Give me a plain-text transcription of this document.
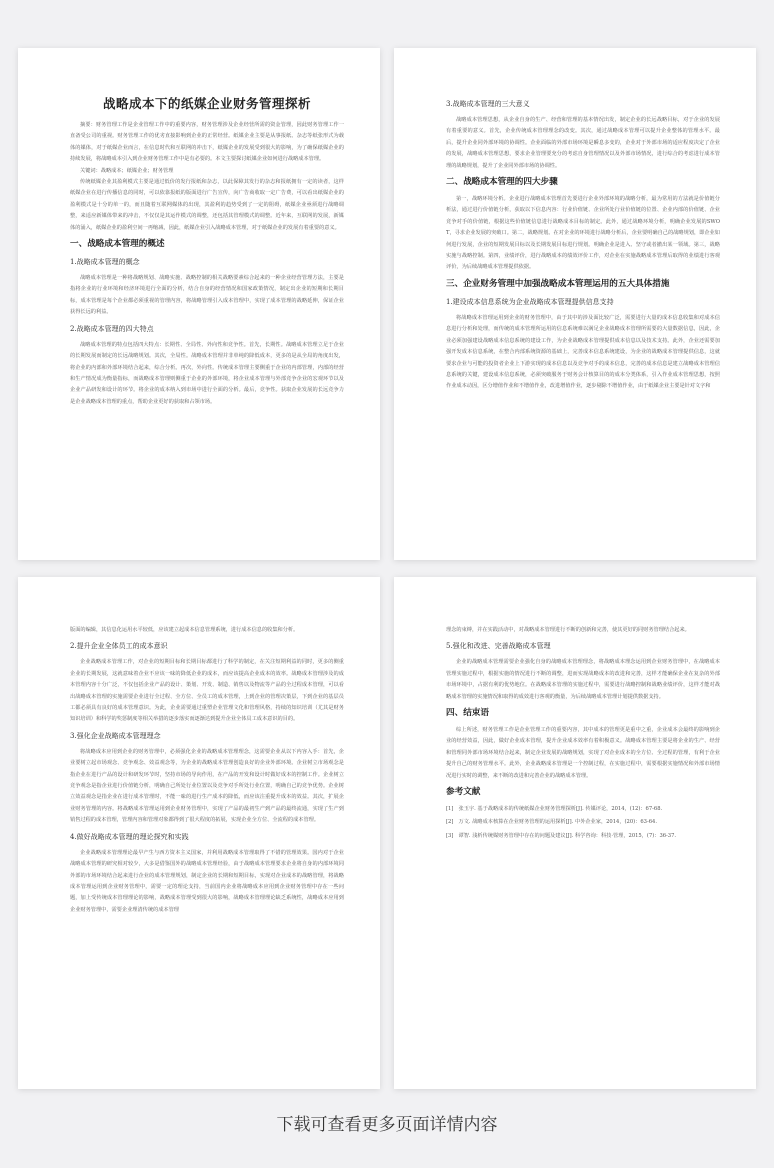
战略成本下的纸媒企业财务管理探析

摘要：财务管理工作是企业管理工作中的重要内容，财务管理涉及企业经营所需的资金管理，因此财务管理工作一直备受公司的重视。财务管理工作的优劣直接影响到企业的正常经营。纸媒企业主要是从事报纸、杂志等纸张形式为载体的媒体，对于纸媒企业而言，在信息时代和互联网的冲击下，纸媒企业的发展受到很大的影响，为了确保纸媒企业的持续发展，将战略成本引入到企业财务管理工作中是有必要的。本文主要探讨纸媒企业如何进行战略成本管理。

关键词：战略成本；纸媒企业；财务管理

传统纸媒企业其盈利模式主要是通过低价的发行报纸和杂志，以此保障其发行的杂志和报纸拥有一定的读者，这样纸媒企业在进行传播信息的同时，可以依靠报纸的版面进行广告宣传，向广告商收取一定广告费，可以看出纸媒企业的盈利模式是十分的单一的，而且随着互联网媒体的出现，其盈利的趋势受到了一定的阻碍，纸媒企业亟须进行战略调整，来适应新媒体带来的冲击，不仅仅是其运作模式的调整，还包括其管理模式的调整。近年来，互联网的发展，新媒体的涌入，纸媒企业的盈利空间一再缩减，因此，纸媒企业引入战略成本管理，对于纸媒企业的发展有着重要的意义。

一、战略成本管理的概述
1.战略成本管理的概念

战略成本管理是一种将战略规划、战略实施、战略控制的相关战略要素综合起来的一种企业经营管理方法，主要是指将企业的行业环境和经济环境进行全面的分析，结合自身的经营情况和国家政策情况，制定出企业的短期和长期目标，成本管理是每个企业都必须重视的管理内容，将战略管理引入成本管理中，实现了成本管理的战略延伸，保证企业获得长远的利益。

2.战略成本管理的四大特点

战略成本管理的特点包括四大特点：长期性、全局性、外向性和竞争性。首先，长期性。战略成本管理立足于企业的长期发展而制定的长远战略规划。其次，全局性。战略成本管理并非单纯的降低成本，更多的是从全局的角度出发，将企业的内部和外部环境结合起来，综合分析。再次，外向性。传统成本管理主要侧重于企业的内部管理，内部的经营和生产情况成为衡量指标，而战略成本管理则侧重于企业的外部环境，将企业成本管理与外部竞争企业的宏观环节以及企业产品研发和设计的环节。将企业的成本纳入到市场中进行全面的分析。最后，竞争性。获取企业发展的长远竞争力是企业战略成本管理的重点，帮助企业更好的获取和占领市场。

3.战略成本管理的三大意义

战略成本管理思想，从企业自身的生产、经营和管理的基本情况出发，制定企业的长远战略目标，对于企业的发展有着重要的意义。首先，企业传统成本管理理念的改变。其次，通过战略成本管理可以提升企业整体的管理水平。最后，提升企业同外部环境的协调性。企业面临的外部市场环境是瞬息多变的，企业对于外部市场的适应程度决定了企业的发展，战略成本管理思想，要求企业管理要充分的考虑自身管理情况以及外部市场情况，进行综合的考虑进行成本管理的战略规划，提升了企业同外部市场的协调性。

二、战略成本管理的四大步骤

第一，战略环境分析。企业进行战略成本管理首先要进行企业外部环境的战略分析，最为常用的方法就是价值链分析法，通过进行价值链分析，获取以下信息内容：行业价值链、企业所处行业价值链的位置、企业内部的价值链、企业竞争对手的价值链，根据这些价值链信息进行战略成本目标的制定。此外，通过战略环境分析，明确企业发展的SWOT，寻求企业发展的突破口。第二，战略规划。在对企业的环境进行战略分析后，企业要明确自己的战略规划，即企业如何进行发展，企业的短期发展目标以及长期发展目标进行规划。明确企业是进入、坚守或者撤出某一领域。第三，战略实施与战略控制。第四，业绩评价，进行战略成本的绩效评价工作，对企业在实施战略成本管理后取得的业绩进行客观评价，为后续战略成本管理提供依据。

三、企业财务管理中加强战略成本管理运用的五大具体措施
1.建设成本信息系统为企业战略成本管理提供信息支持

将战略成本管理运用到企业的财务管理中，由于其中的涉及面比较广泛，需要进行大量的成本信息收集和对成本信息进行分析和处理，而传统的成本管理所运用的信息系统难以满足企业战略成本管理所需要的大量数据信息，因此，企业必须加强建设战略成本信息系统的建设工作，为企业战略成本管理提供成本信息以及技术支持。此外，企业还需要加强开发成本信息系统，在整合内部系统资源的基础上，完善成本信息系统建设，为企业的战略成本管理提供信息，这就要求企业与可能的投资者企业上下游实现的成本信息以及竞争对手的成本信息，完善的成本信息是建立战略成本管理信息系统的关键，建设成本信息系统，必须突破服务于财务会计核算目的的成本分类体系，引入作业成本管理思想，按照作业成本动因，区分增值作业和不增值作业，改进增值作业，逐步剔除不增值作业，由于纸媒企业主要是针对文字和

版面的编辑，其信息化运用水平较低，应该建立起成本信息管理系统，进行成本信息的收集和分析。

2.提升企业全体员工的成本意识

企业战略成本管理工作，对企业的短期目标和长期目标都进行了科学的制定，在关注短期利益的同时，更多的侧重企业的长期发展，这就意味着企业不应该一味的降低企业的成本，而应该提高企业成本的效率。战略成本管理涉及的成本管理内容十分广泛，不仅包括企业产品的设计、策划、开发、制造、销售以及物流等产品的全过程成本管理，可以看出战略成本管理的实施需要企业进行全过程、全方位、全员工的成本管理，上到企业的管理决策层，下到企业的基层员工都必须具有良好的成本管理意识。为此，企业需要通过重塑企业管理文化和管理风格，持续的知识培训（尤其是财务知识培训）和科学的奖惩制度等相关举措的逐步落实而逐渐达到提升企业全体员工成本意识的目的。

3.强化企业战略成本管理理念

将战略成本应用到企业的财务管理中，必须强化企业的战略成本管理理念，这需要企业从以下内容入手：首先，企业要树立起市场观念、竞争观念、效益观念等，为企业的战略成本管理创造良好的企业外部环境。企业树立市场观念是指企业在进行产品的设计和研发环节时，坚持市场的导向作用，在产品的开发和设计时做好成本的控制工作。企业树立竞争观念是指企业进行价值链分析，明确自己所处行业位置以及竞争对手所处行业位置，明确自己的竞争优势。企业树立效益观念是指企业在进行成本管理时，不能一味的进行生产成本的降低，而应该注重提升成本的效益。其次，扩展企业财务管理的内容。将战略成本管理运用到企业财务管理中，实现了产品的最初生产到产品的最终流通，实现了生产到销售过程的成本管理，管理内容和管理对象都得到了很大程度的拓展，实现企业全方位、全流程的成本管理。

4.做好战略成本管理的理论探究和实践

企业战略成本管理理论最早产生与西方资本主义国家，并利用战略成本管理取得了不错的管理效果。国内对于企业战略成本管理的研究相对较少，大多是借鉴国外的战略成本管理经验，由于战略成本管理要求企业将自身的内部环境同外部的市场环境结合起来进行企业的成本管理规划，制定企业的长期和短期目标，实现对企业成本的战略管理，将战略成本管理运用到企业财务管理中，需要一定的理论支持，当前国内企业将战略成本应用到企业财务管理中存在一些问题，加上受传统成本管理理论的影响，战略成本管理受到很大的影响，战略成本管理理论缺乏系统性，战略成本应用到企业财务管理中，需要企业理清传统的成本管理

理念的束缚，并在实践活动中，对战略成本管理进行不断的创新和完善，使其更好的同财务管理结合起来。

5.强化和改进、完善战略成本管理

企业的战略成本管理需要企业强化自身的战略成本管理理念，将战略成本理念运用到企业财务管理中，在战略成本管理实施过程中，根据实施的情况进行不断的调整，进而实现战略成本的改进和完善，这样才能确保企业在复杂的外部市场环境中，占据有利的优势地位。在战略成本管理的实施过程中，需要进行战略控制和战略业绩评价，这样才能对战略成本管理的实施情况和取得的成效进行客观的衡量，为后续战略成本管理计划提供数据支持。

四、结束语

综上所述，财务管理工作是企业管理工作的重要内容，其中成本的管理更是重中之重，企业成本会最终的影响到企业的经营效益，因此，做好企业成本管理，提升企业成本效率有着积极意义。战略成本管理主要是将企业的生产、经营和管理同外部市场环境结合起来，制定企业发展的战略规划，实现了对企业成本的全方位、全过程的管理，有利于企业提升自己的财务管理水平。此外，企业战略成本管理是一个控制过程，在实施过程中，需要根据实施情况和外部市场情况进行实时的调整，来不断的改进和完善企业的战略成本管理。

参考文献

[1]　张玉宇. 基于战略成本的传统纸媒企业财务管理探析[J]. 传媒评论，2014，(12)：67-68.

[2]　万文. 战略成本核算在企业财务管理的运用探析[J]. 中外企业家，2014，(20)：63-64.

[3]　谭智. 浅析传统媒财务管理中存在的问题及建议[J]. 科学咨询：科技·管理，2015，(7)：36-37.

下载可查看更多页面详情内容
